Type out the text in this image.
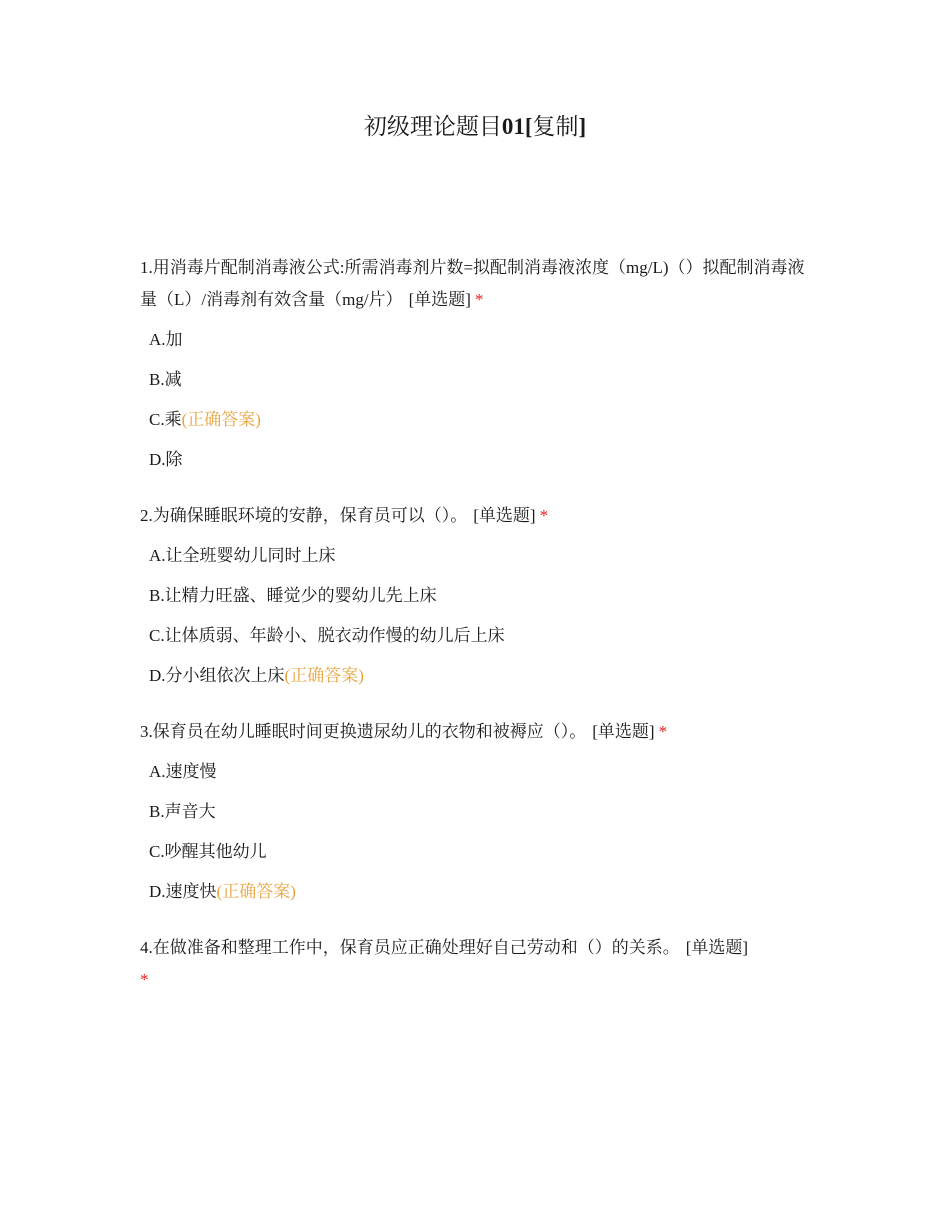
初级理论题目01[复制]
1.用消毒片配制消毒液公式:所需消毒剂片数=拟配制消毒液浓度（mg/L)（）拟配制消毒液量（L）/消毒剂有效含量（mg/片） [单选题] *
A.加
B.减
C.乘(正确答案)
D.除
2.为确保睡眠环境的安静，保育员可以（）。 [单选题] *
A.让全班婴幼儿同时上床
B.让精力旺盛、睡觉少的婴幼儿先上床
C.让体质弱、年龄小、脱衣动作慢的幼儿后上床
D.分小组依次上床(正确答案)
3.保育员在幼儿睡眠时间更换遗尿幼儿的衣物和被褥应（）。 [单选题] *
A.速度慢
B.声音大
C.吵醒其他幼儿
D.速度快(正确答案)
4.在做准备和整理工作中，保育员应正确处理好自己劳动和（）的关系。 [单选题]
*
